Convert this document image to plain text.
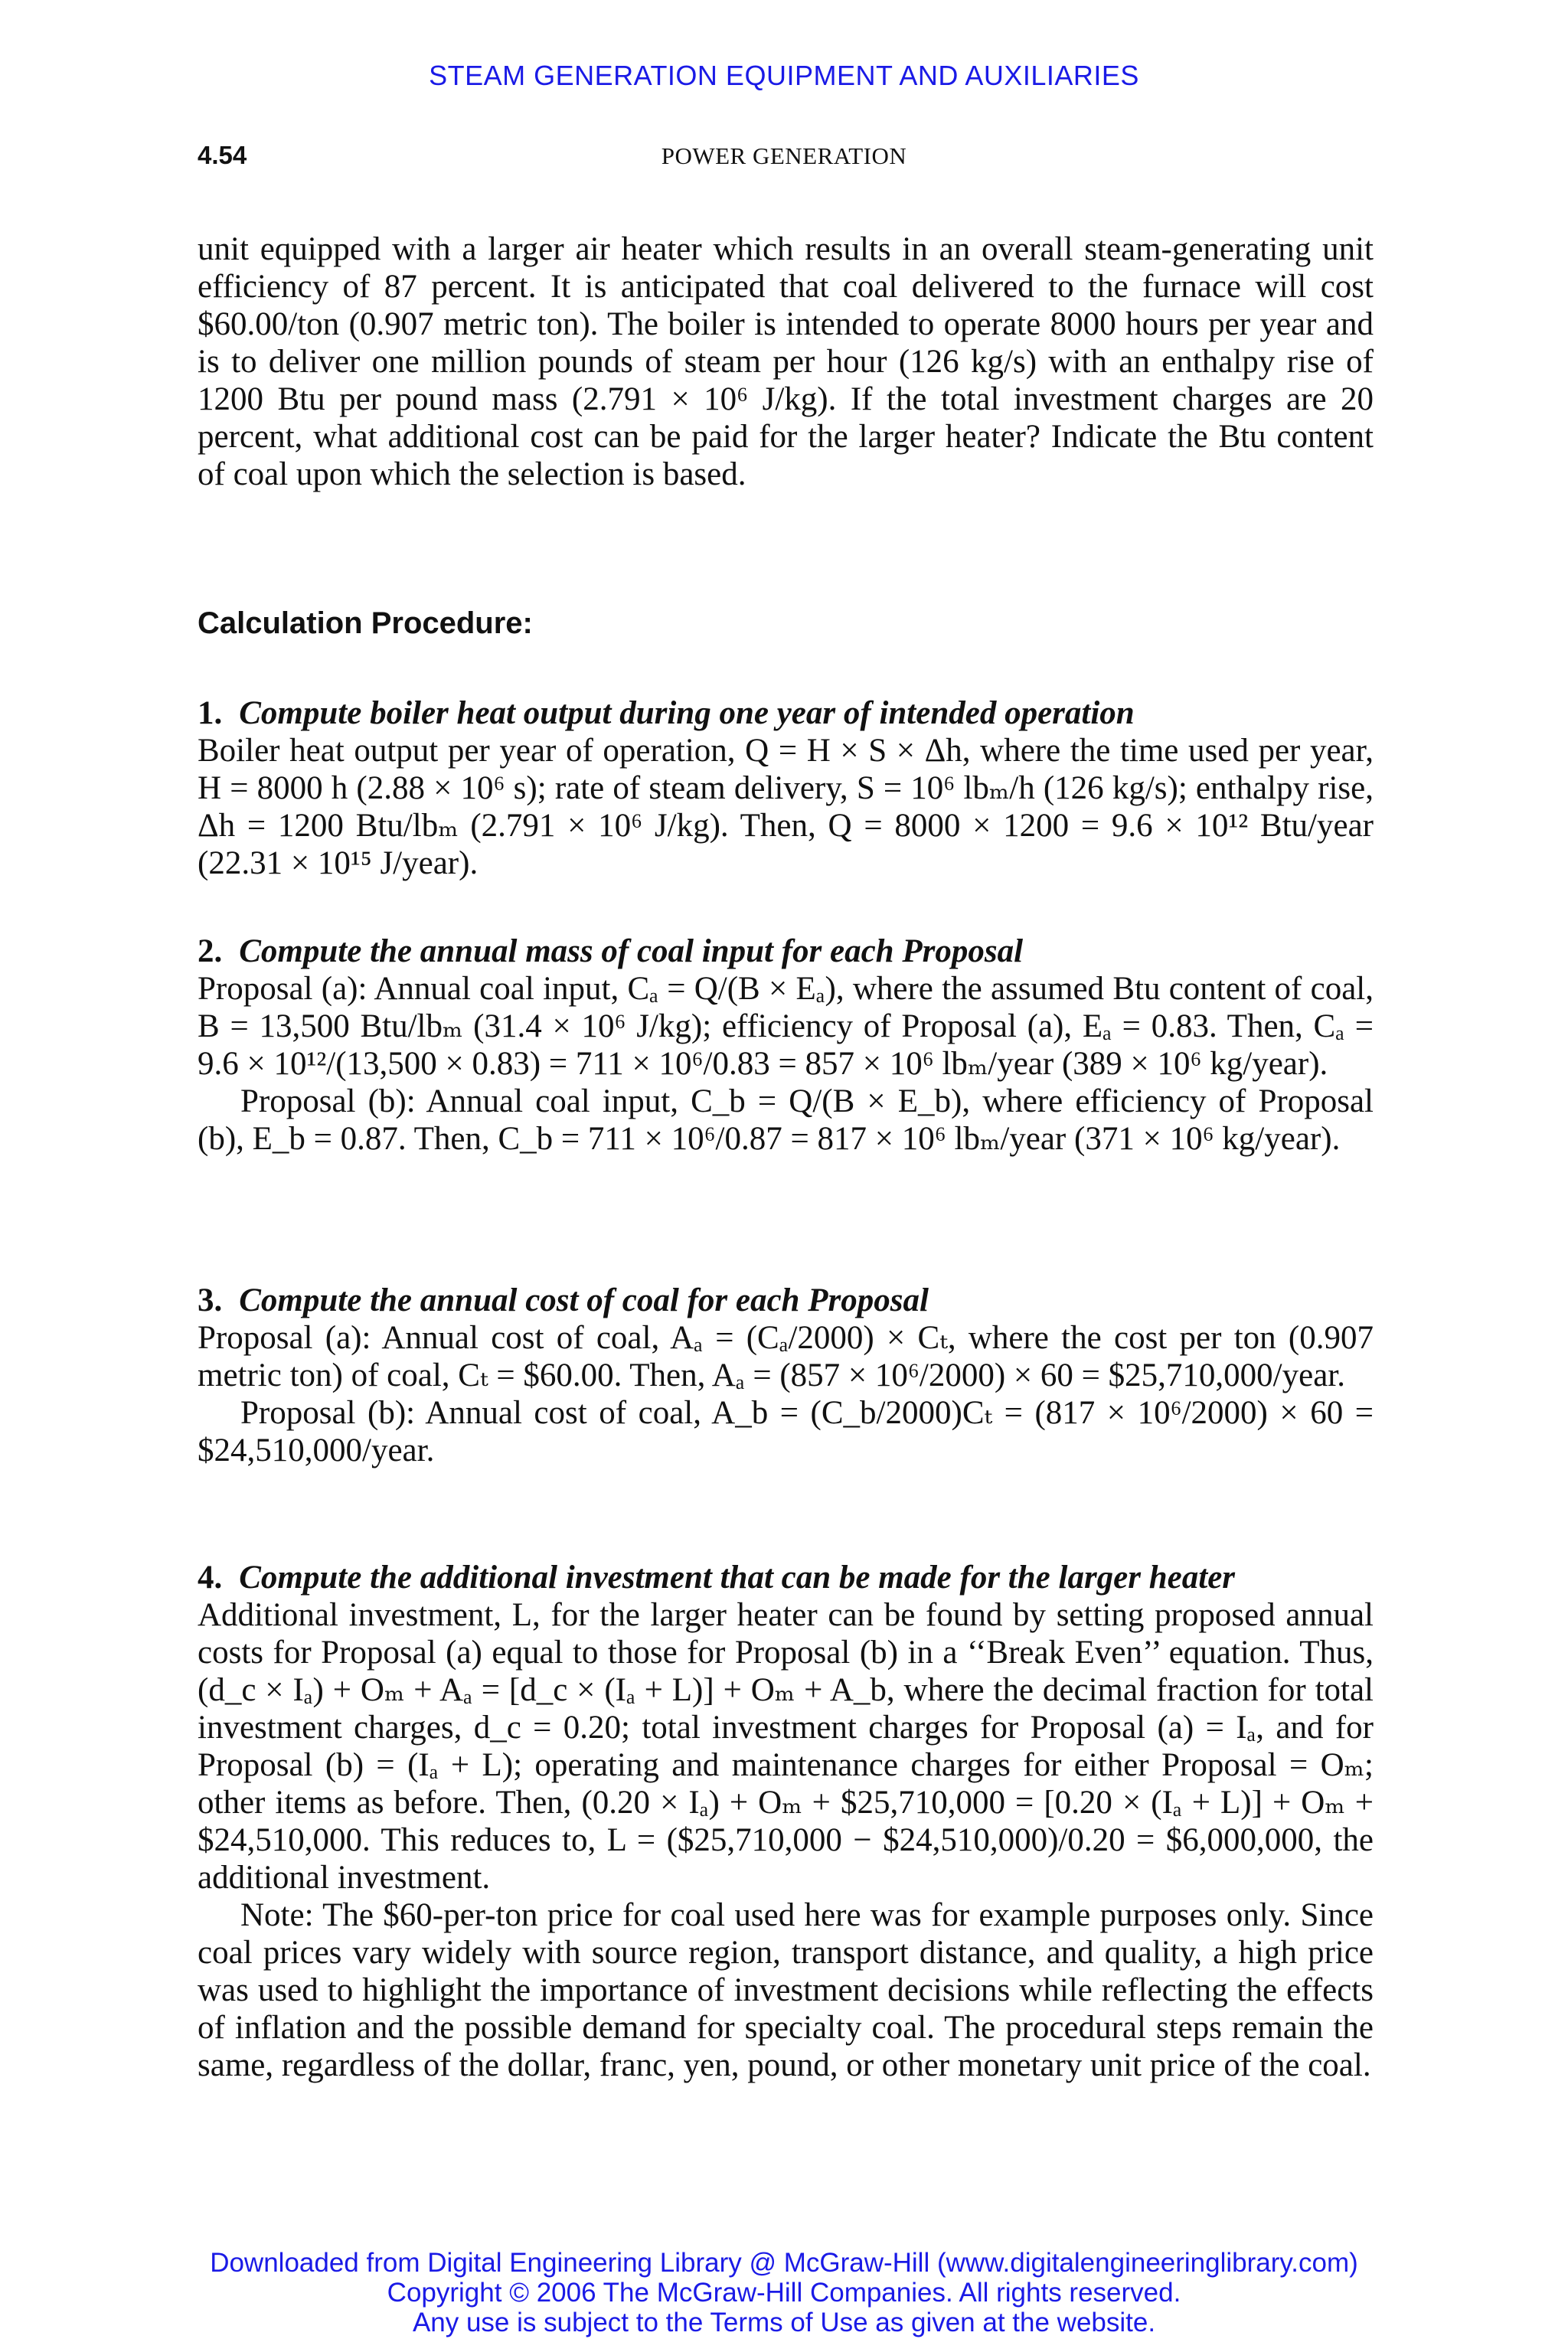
STEAM GENERATION EQUIPMENT AND AUXILIARIES
4.54	POWER GENERATION

unit equipped with a larger air heater which results in an overall steam-generating unit efficiency of 87 percent. It is anticipated that coal delivered to the furnace will cost $60.00/ton (0.907 metric ton). The boiler is intended to operate 8000 hours per year and is to deliver one million pounds of steam per hour (126 kg/s) with an enthalpy rise of 1200 Btu per pound mass (2.791 × 10⁶ J/kg). If the total investment charges are 20 percent, what additional cost can be paid for the larger heater? Indicate the Btu content of coal upon which the selection is based.

Calculation Procedure:
1. Compute boiler heat output during one year of intended operation

Boiler heat output per year of operation, Q = H × S × Δh, where the time used per year, H = 8000 h (2.88 × 10⁶ s); rate of steam delivery, S = 10⁶ lbₘ/h (126 kg/s); enthalpy rise, Δh = 1200 Btu/lbₘ (2.791 × 10⁶ J/kg). Then, Q = 8000 × 1200 = 9.6 × 10¹² Btu/year (22.31 × 10¹⁵ J/year).

2. Compute the annual mass of coal input for each Proposal

Proposal (a): Annual coal input, Cₐ = Q/(B × Eₐ), where the assumed Btu content of coal, B = 13,500 Btu/lbₘ (31.4 × 10⁶ J/kg); efficiency of Proposal (a), Eₐ = 0.83. Then, Cₐ = 9.6 × 10¹²/(13,500 × 0.83) = 711 × 10⁶/0.83 = 857 × 10⁶ lbₘ/year (389 × 10⁶ kg/year).

Proposal (b): Annual coal input, C_b = Q/(B × E_b), where efficiency of Proposal (b), E_b = 0.87. Then, C_b = 711 × 10⁶/0.87 = 817 × 10⁶ lbₘ/year (371 × 10⁶ kg/year).

3. Compute the annual cost of coal for each Proposal

Proposal (a): Annual cost of coal, Aₐ = (Cₐ/2000) × Cₜ, where the cost per ton (0.907 metric ton) of coal, Cₜ = $60.00. Then, Aₐ = (857 × 10⁶/2000) × 60 = $25,710,000/year.

Proposal (b): Annual cost of coal, A_b = (C_b/2000)Cₜ = (817 × 10⁶/2000) × 60 = $24,510,000/year.

4. Compute the additional investment that can be made for the larger heater

Additional investment, L, for the larger heater can be found by setting proposed annual costs for Proposal (a) equal to those for Proposal (b) in a ‘‘Break Even’’ equation. Thus, (d_c × Iₐ) + Oₘ + Aₐ = [d_c × (Iₐ + L)] + Oₘ + A_b, where the decimal fraction for total investment charges, d_c = 0.20; total investment charges for Proposal (a) = Iₐ, and for Proposal (b) = (Iₐ + L); operating and maintenance charges for either Proposal = Oₘ; other items as before. Then, (0.20 × Iₐ) + Oₘ + $25,710,000 = [0.20 × (Iₐ + L)] + Oₘ + $24,510,000. This reduces to, L = ($25,710,000 − $24,510,000)/0.20 = $6,000,000, the additional investment.

Note: The $60-per-ton price for coal used here was for example purposes only. Since coal prices vary widely with source region, transport distance, and quality, a high price was used to highlight the importance of investment decisions while reflecting the effects of inflation and the possible demand for specialty coal. The procedural steps remain the same, regardless of the dollar, franc, yen, pound, or other monetary unit price of the coal.

Downloaded from Digital Engineering Library @ McGraw-Hill (www.digitalengineeringlibrary.com)
Copyright © 2006 The McGraw-Hill Companies. All rights reserved.
Any use is subject to the Terms of Use as given at the website.
